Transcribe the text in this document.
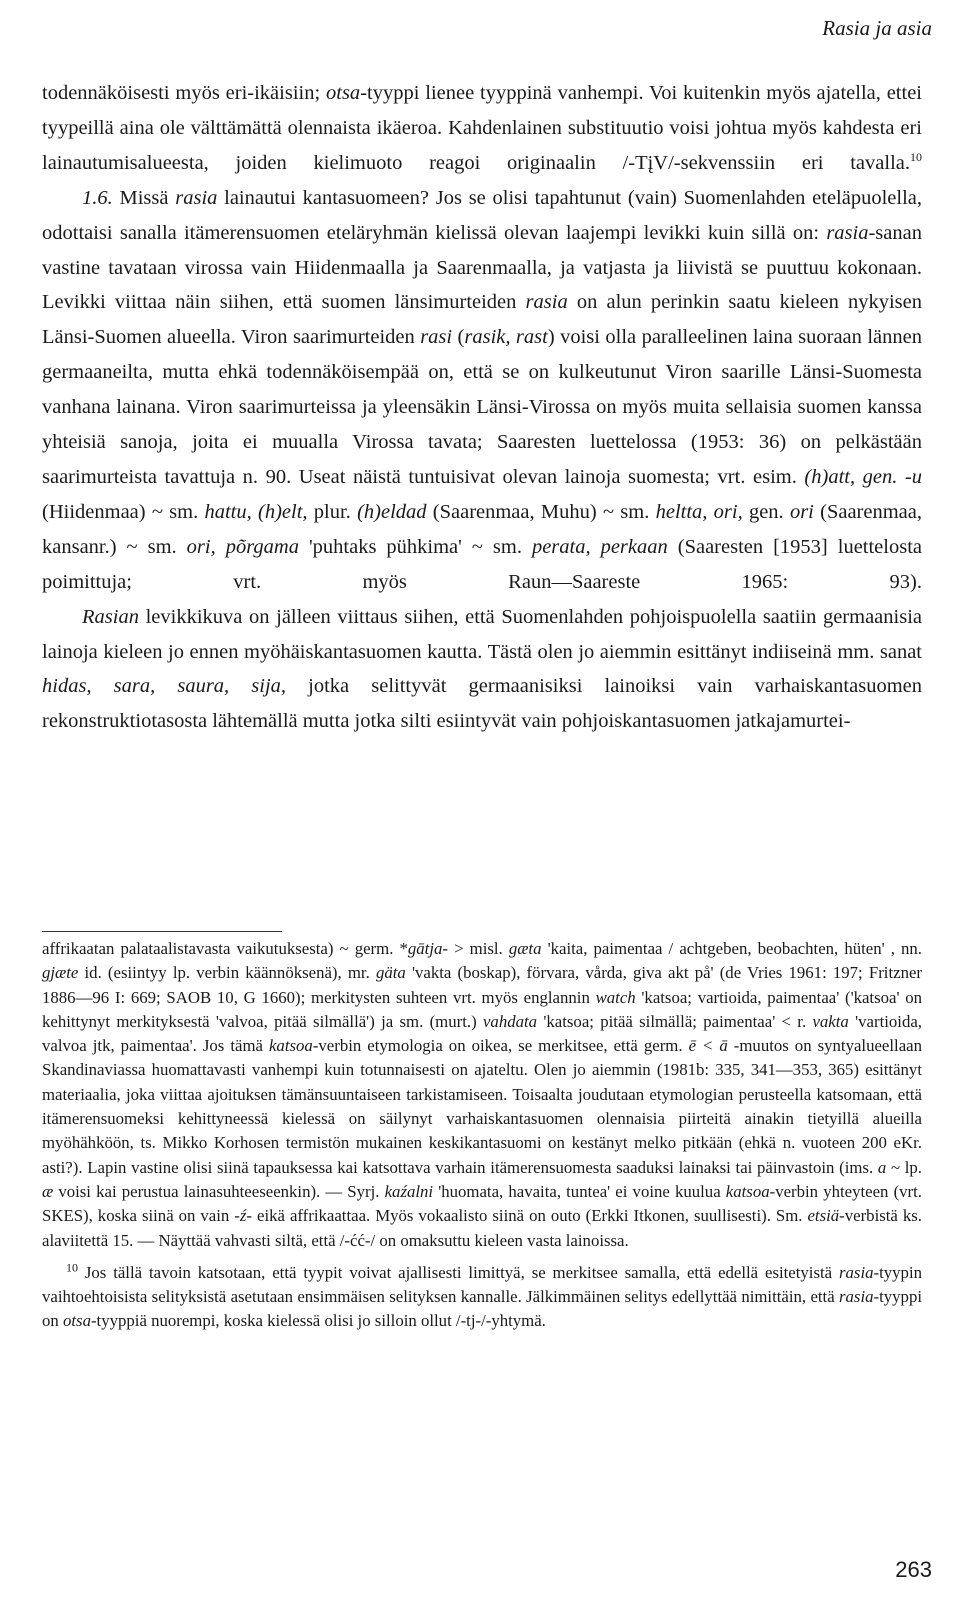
Rasia ja asia

todennäköisesti myös eri-ikäisiin; otsa-tyyppi lienee tyyppinä vanhempi. Voi kuitenkin myös ajatella, ettei tyypeillä aina ole välttämättä olennaista ikäeroa. Kahdenlainen substituutio voisi johtua myös kahdesta eri lainautumisalueesta, joiden kielimuoto reagoi originaalin /-TįV/-sekvenssiin eri tavalla.$^{10}$

1.6. Missä rasia lainautui kantasuomeen? Jos se olisi tapahtunut (vain) Suomenlahden eteläpuolella, odottaisi sanalla itämerensuomen eteläryhmän kielissä olevan laajempi levikki kuin sillä on: rasia-sanan vastine tavataan virossa vain Hiidenmaalla ja Saarenmaalla, ja vatjasta ja liivistä se puuttuu kokonaan. Levikki viittaa näin siihen, että suomen länsimurteiden rasia on alun perinkin saatu kieleen nykyisen Länsi-Suomen alueella. Viron saarimurteiden rasi (rasik, rast) voisi olla paralleelinen laina suoraan lännen germaaneilta, mutta ehkä todennäköisempää on, että se on kulkeutunut Viron saarille Länsi-Suomesta vanhana lainana. Viron saarimurteissa ja yleensäkin Länsi-Virossa on myös muita sellaisia suomen kanssa yhteisiä sanoja, joita ei muualla Virossa tavata; Saaresten luettelossa (1953: 36) on pelkästään saarimurteista tavattuja n. 90. Useat näistä tuntuisivat olevan lainoja suomesta; vrt. esim. (h)att, gen. -u (Hiidenmaa) ~ sm. hattu, (h)elt, plur. (h)eldad (Saarenmaa, Muhu) ~ sm. heltta, ori, gen. ori (Saarenmaa, kansanr.) ~ sm. ori, põrgama 'puhtaks pühkima' ~ sm. perata, perkaan (Saaresten [1953] luettelosta poimittuja; vrt. myös Raun—Saareste 1965: 93).

Rasian levikkikuva on jälleen viittaus siihen, että Suomenlahden pohjoispuolella saatiin germaanisia lainoja kieleen jo ennen myöhäiskantasuomen kautta. Tästä olen jo aiemmin esittänyt indiiseinä mm. sanat hidas, sara, saura, sija, jotka selittyvät germaanisiksi lainoiksi vain varhaiskantasuomen rekonstruktiotasosta lähtemällä mutta jotka silti esiintyvät vain pohjoiskantasuomen jatkajamurtei-

affrikaatan palataalistavasta vaikutuksesta) ~ germ. *gātja- > misl. gæta 'kaita, paimentaa / achtgeben, beobachten, hüten' , nn. gjæte id. (esiintyy lp. verbin käännöksenä), mr. gäta 'vakta (boskap), förvara, vårda, giva akt på' (de Vries 1961: 197; Fritzner 1886—96 I: 669; SAOB 10, G 1660); merkitysten suhteen vrt. myös englannin watch 'katsoa; vartioida, paimentaa' ('katsoa' on kehittynyt merkityksestä 'valvoa, pitää silmällä') ja sm. (murt.) vahdata 'katsoa; pitää silmällä; paimentaa' < r. vakta 'vartioida, valvoa jtk, paimentaa'. Jos tämä katsoa-verbin etymologia on oikea, se merkitsee, että germ. ē < ā -muutos on syntyalueellaan Skandinaviassa huomattavasti vanhempi kuin totunnaisesti on ajateltu. Olen jo aiemmin (1981b: 335, 341—353, 365) esittänyt materiaalia, joka viittaa ajoituksen tämänsuuntaiseen tarkistamiseen. Toisaalta joudutaan etymologian perusteella katsomaan, että itämerensuomeksi kehittyneessä kielessä on säilynyt varhaiskantasuomen olennaisia piirteitä ainakin tietyillä alueilla myöhähköön, ts. Mikko Korhosen termistön mukainen keskikantasuomi on kestänyt melko pitkään (ehkä n. vuoteen 200 eKr. asti?). Lapin vastine olisi siinä tapauksessa kai katsottava varhain itämerensuomesta saaduksi lainaksi tai päinvastoin (ims. a ~ lp. æ voisi kai perustua lainasuhteeseenkin). — Syrj. kaźalni 'huomata, havaita, tuntea' ei voine kuulua katsoa-verbin yhteyteen (vrt. SKES), koska siinä on vain -ź- eikä affrikaattaa. Myös vokaalisto siinä on outo (Erkki Itkonen, suullisesti). Sm. etsiä-verbistä ks. alaviitettä 15. — Näyttää vahvasti siltä, että /-ćć-/ on omaksuttu kieleen vasta lainoissa.

$^{10}$ Jos tällä tavoin katsotaan, että tyypit voivat ajallisesti limittyä, se merkitsee samalla, että edellä esitetyistä rasia-tyypin vaihtoehtoisista selityksistä asetutaan ensimmäisen selityksen kannalle. Jälkimmäinen selitys edellyttää nimittäin, että rasia-tyyppi on otsa-tyyppiä nuorempi, koska kielessä olisi jo silloin ollut /-tj-/-yhtymä.

263
